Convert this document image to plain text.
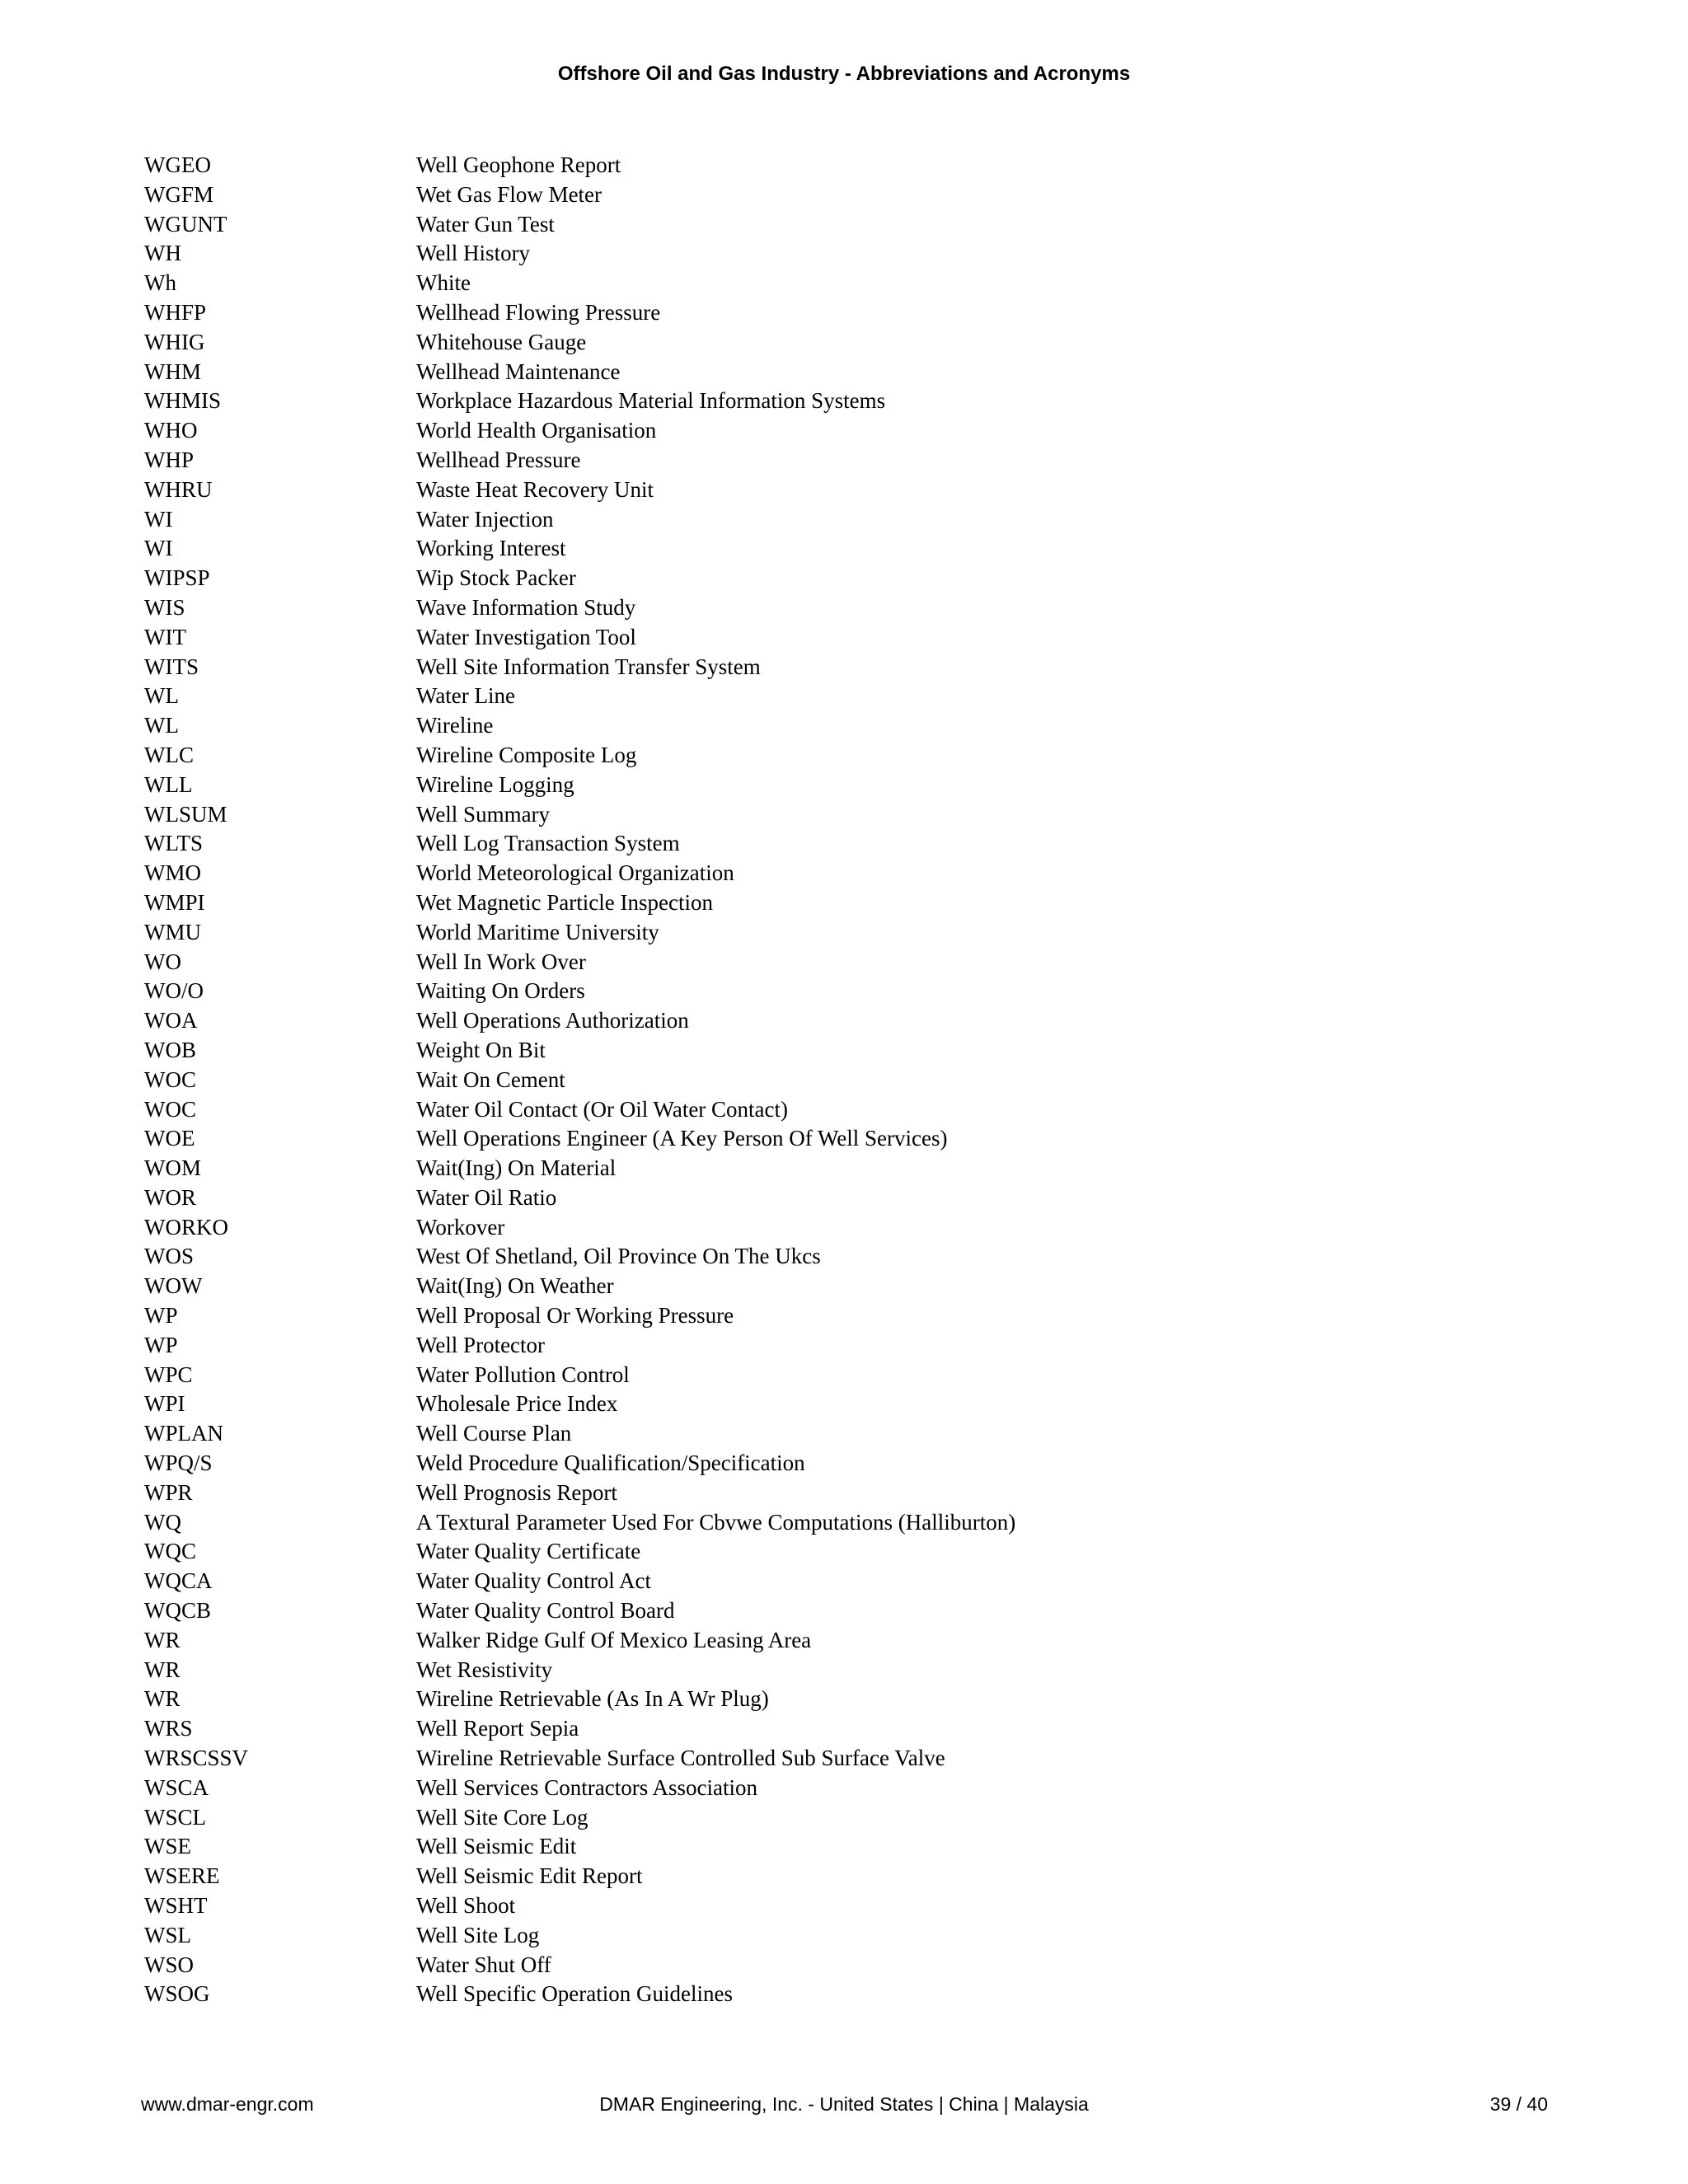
Offshore Oil and Gas Industry - Abbreviations and Acronyms
WGEO	Well Geophone Report
WGFM	Wet Gas Flow Meter
WGUNT	Water Gun Test
WH	Well History
Wh	White
WHFP	Wellhead Flowing Pressure
WHIG	Whitehouse Gauge
WHM	Wellhead Maintenance
WHMIS	Workplace Hazardous Material Information Systems
WHO	World Health Organisation
WHP	Wellhead Pressure
WHRU	Waste Heat Recovery Unit
WI	Water Injection
WI	Working Interest
WIPSP	Wip Stock Packer
WIS	Wave Information Study
WIT	Water Investigation Tool
WITS	Well Site Information Transfer System
WL	Water Line
WL	Wireline
WLC	Wireline Composite Log
WLL	Wireline Logging
WLSUM	Well Summary
WLTS	Well Log Transaction System
WMO	World Meteorological Organization
WMPI	Wet Magnetic Particle Inspection
WMU	World Maritime University
WO	Well In Work Over
WO/O	Waiting On Orders
WOA	Well Operations Authorization
WOB	Weight On Bit
WOC	Wait On Cement
WOC	Water Oil Contact (Or Oil Water Contact)
WOE	Well Operations Engineer (A Key Person Of Well Services)
WOM	Wait(Ing) On Material
WOR	Water Oil Ratio
WORKO	Workover
WOS	West Of Shetland, Oil Province On The Ukcs
WOW	Wait(Ing) On Weather
WP	Well Proposal Or Working Pressure
WP	Well Protector
WPC	Water Pollution Control
WPI	Wholesale Price Index
WPLAN	Well Course Plan
WPQ/S	Weld Procedure Qualification/Specification
WPR	Well Prognosis Report
WQ	A Textural Parameter Used For Cbvwe Computations (Halliburton)
WQC	Water Quality Certificate
WQCA	Water Quality Control Act
WQCB	Water Quality Control Board
WR	Walker Ridge Gulf Of Mexico Leasing Area
WR	Wet Resistivity
WR	Wireline Retrievable (As In A Wr Plug)
WRS	Well Report Sepia
WRSCSSV	Wireline Retrievable Surface Controlled Sub Surface Valve
WSCA	Well Services Contractors Association
WSCL	Well Site Core Log
WSE	Well Seismic Edit
WSERE	Well Seismic Edit Report
WSHT	Well Shoot
WSL	Well Site Log
WSO	Water Shut Off
WSOG	Well Specific Operation Guidelines
www.dmar-engr.com	DMAR Engineering, Inc. - United States | China | Malaysia	39 / 40
